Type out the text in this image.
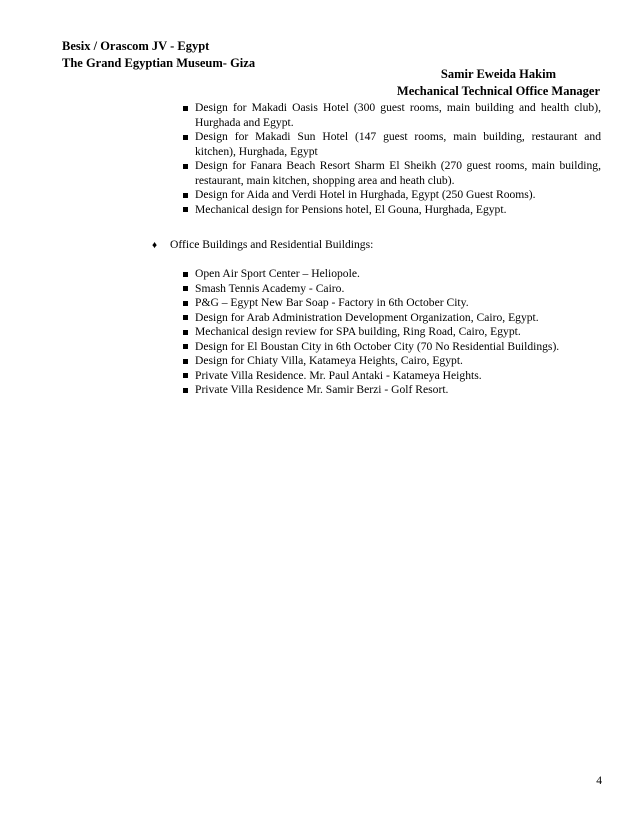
Besix / Orascom JV - Egypt
The Grand Egyptian Museum- Giza
Samir Eweida Hakim
Mechanical Technical Office Manager
Design for Makadi Oasis Hotel (300 guest rooms, main building and health club), Hurghada and Egypt.
Design for Makadi Sun Hotel (147 guest rooms, main building, restaurant and kitchen), Hurghada, Egypt
Design for Fanara Beach Resort Sharm El Sheikh (270 guest rooms, main building, restaurant, main kitchen, shopping area and heath club).
Design for Aida and Verdi Hotel in Hurghada, Egypt (250 Guest Rooms).
Mechanical design for Pensions hotel, El Gouna, Hurghada, Egypt.
♦ Office Buildings and Residential Buildings:
Open Air Sport Center – Heliopole.
Smash Tennis Academy - Cairo.
P&G – Egypt New Bar Soap - Factory in 6th October City.
Design for Arab Administration Development Organization, Cairo, Egypt.
Mechanical design review for SPA building, Ring Road, Cairo, Egypt.
Design for El Boustan City in 6th October City (70 No Residential Buildings).
Design for Chiaty Villa, Katameya Heights, Cairo, Egypt.
Private Villa Residence. Mr. Paul Antaki - Katameya Heights.
Private Villa Residence Mr. Samir Berzi - Golf Resort.
4
